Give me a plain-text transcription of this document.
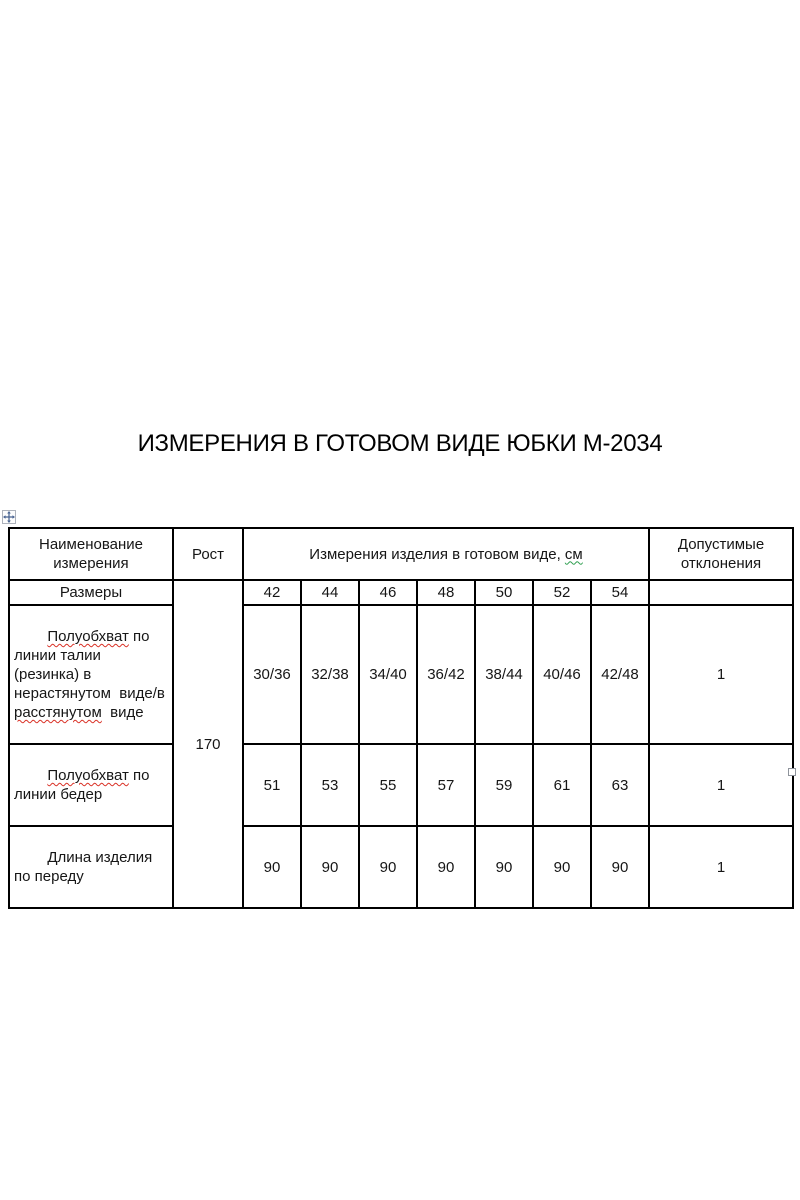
ИЗМЕРЕНИЯ В ГОТОВОМ ВИДЕ ЮБКИ М-2034
Наименование измерения	Рост	Измерения изделия в готовом виде, см							Допустимые отклонения
Размеры	170	42	44	46	48	50	52	54	

Полуобхват по линии талии (резинка) в нерастянутом  виде/в расстянутом  виде		30/36	32/38	34/40	36/42	38/44	40/46	42/48	1

Полуобхват по линии бедер		51	53	55	57	59	61	63	1

Длина изделия по переду		90	90	90	90	90	90	90	1
